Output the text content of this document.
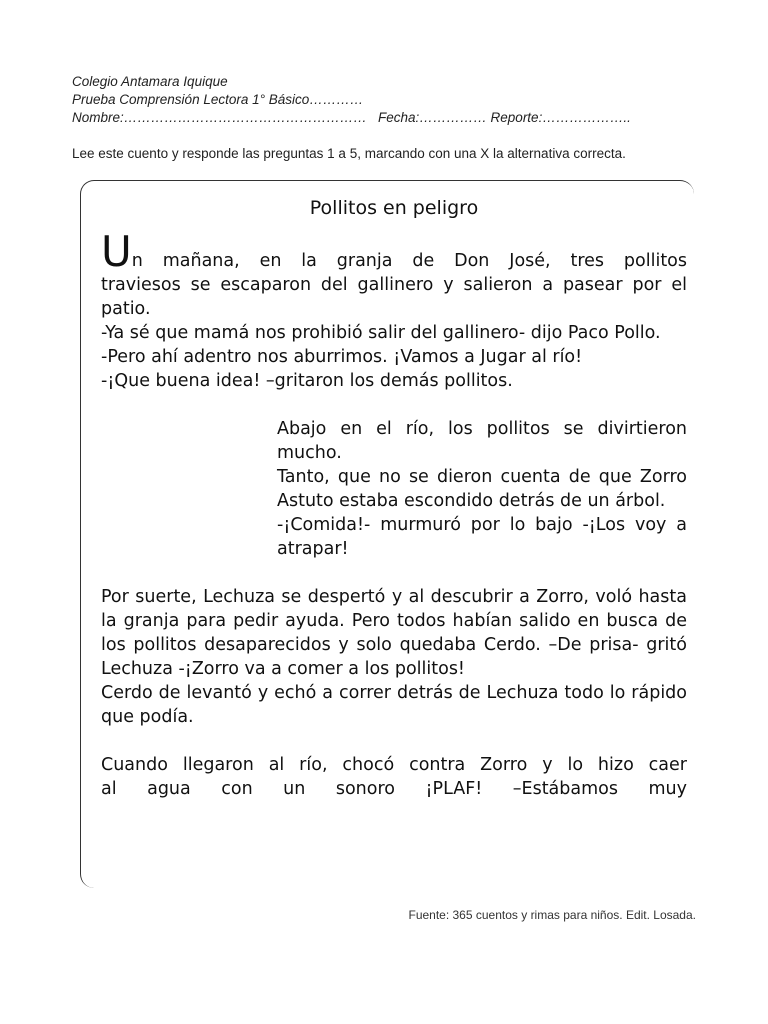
Colegio Antamara Iquique
Prueba Comprensión Lectora 1° Básico…………
Nombre:………………………………………………   Fecha:…………… Reporte:………………..
Lee este cuento y responde las preguntas 1 a 5, marcando con una X la alternativa correcta.
Pollitos en peligro
Un mañana, en la granja de Don José, tres pollitos
traviesos se escaparon del gallinero y salieron a pasear por el patio.
-Ya sé que mamá nos prohibió salir del gallinero- dijo Paco Pollo.
-Pero ahí adentro nos aburrimos. ¡Vamos a Jugar al río!
-¡Que buena idea! –gritaron los demás pollitos.
Abajo en el río, los pollitos se divirtieron mucho.
Tanto, que no se dieron cuenta de que Zorro Astuto estaba escondido detrás de un árbol.
-¡Comida!- murmuró por lo bajo -¡Los voy a atrapar!
Por suerte, Lechuza se despertó y al descubrir a Zorro, voló hasta la granja para pedir ayuda. Pero todos habían salido en busca de los pollitos desaparecidos y solo quedaba Cerdo. –De prisa- gritó Lechuza -¡Zorro va a comer a los pollitos!
Cerdo de levantó y echó a correr detrás de Lechuza todo lo rápido que podía.
Cuando llegaron al río, chocó contra Zorro y lo hizo caer
al agua con un sonoro ¡PLAF! –Estábamos muy
Fuente: 365 cuentos y rimas para niños. Edit. Losada.
